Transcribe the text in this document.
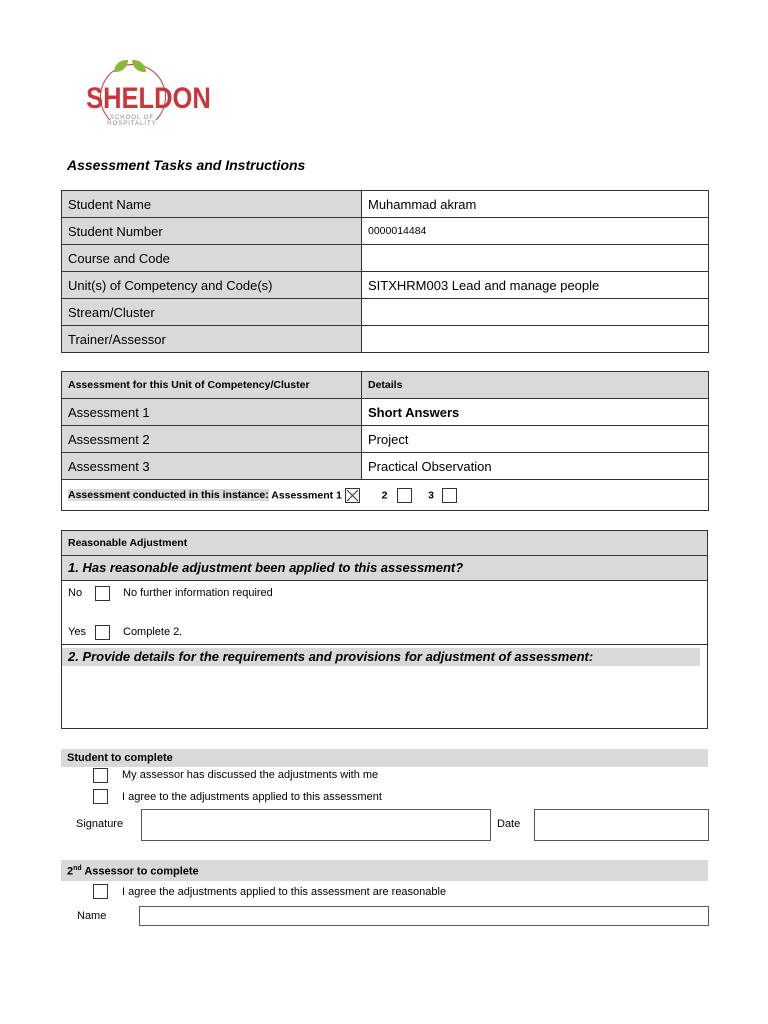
SHELDON
SCHOOL OF HOSPITALITY
Assessment Tasks and Instructions
Student Name	Muhammad akram
Student Number	0000014484
Course and Code	
Unit(s) of Competency and Code(s)	SITXHRM003 Lead and manage people
Stream/Cluster	
Trainer/Assessor	
Assessment for this Unit of Competency/Cluster	Details
Assessment 1	Short Answers
Assessment 2	Project
Assessment 3	Practical Observation
Assessment conducted in this instance: Assessment 1 2 3	
Reasonable Adjustment
1. Has reasonable adjustment been applied to this assessment?
No	No further information required
Yes	Complete 2.
2. Provide details for the requirements and provisions for adjustment of assessment:
Student to complete
My assessor has discussed the adjustments with me
I agree to the adjustments applied to this assessment
Signature	Date
2nd Assessor to complete
I agree the adjustments applied to this assessment are reasonable
Name
